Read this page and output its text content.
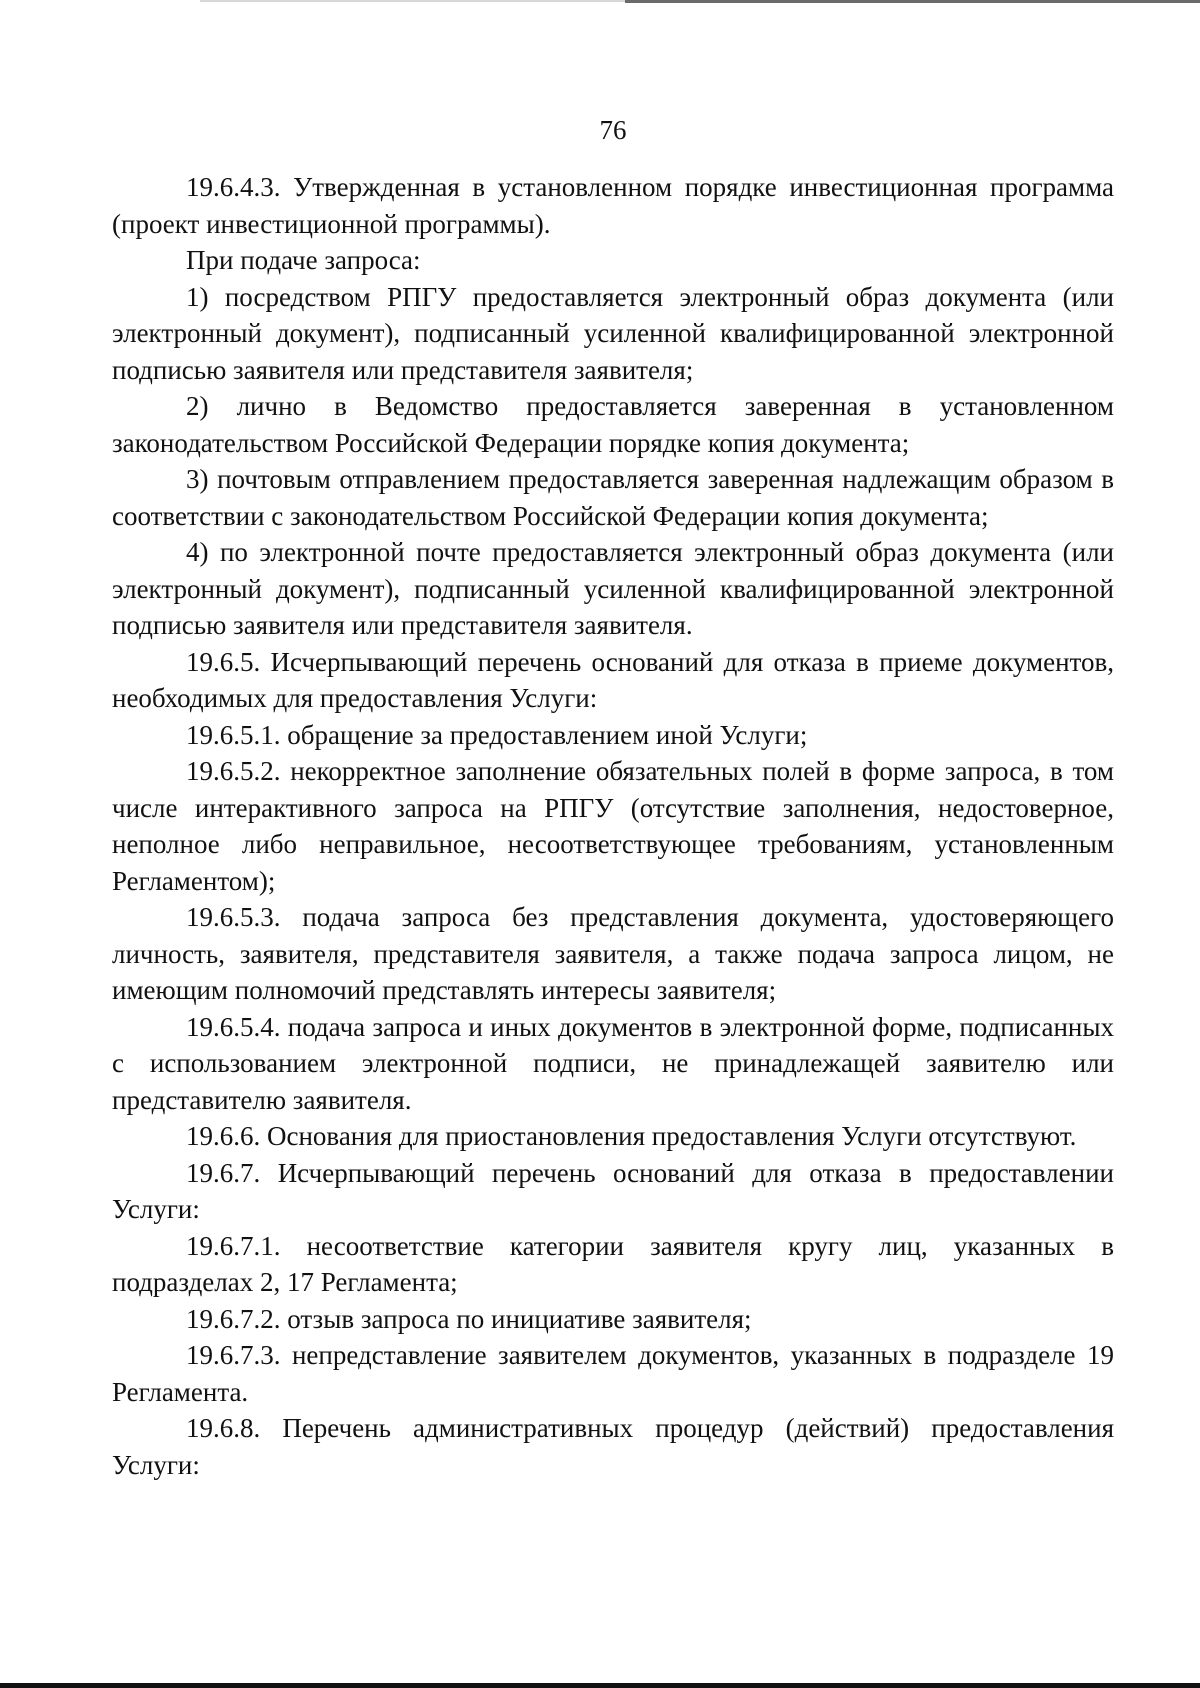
76

19.6.4.3. Утвержденная в установленном порядке инвестиционная программа (проект инвестиционной программы).

При подаче запроса:

1) посредством РПГУ предоставляется электронный образ документа (или электронный документ), подписанный усиленной квалифицированной электронной подписью заявителя или представителя заявителя;

2) лично в Ведомство предоставляется заверенная в установленном законодательством Российской Федерации порядке копия документа;

3) почтовым отправлением предоставляется заверенная надлежащим образом в соответствии с законодательством Российской Федерации копия документа;

4) по электронной почте предоставляется электронный образ документа (или электронный документ), подписанный усиленной квалифицированной электронной подписью заявителя или представителя заявителя.

19.6.5. Исчерпывающий перечень оснований для отказа в приеме документов, необходимых для предоставления Услуги:

19.6.5.1. обращение за предоставлением иной Услуги;

19.6.5.2. некорректное заполнение обязательных полей в форме запроса, в том числе интерактивного запроса на РПГУ (отсутствие заполнения, недостоверное, неполное либо неправильное, несоответствующее требованиям, установленным Регламентом);

19.6.5.3. подача запроса без представления документа, удостоверяющего личность, заявителя, представителя заявителя, а также подача запроса лицом, не имеющим полномочий представлять интересы заявителя;

19.6.5.4. подача запроса и иных документов в электронной форме, подписанных с использованием электронной подписи, не принадлежащей заявителю или представителю заявителя.

19.6.6. Основания для приостановления предоставления Услуги отсутствуют.

19.6.7. Исчерпывающий перечень оснований для отказа в предоставлении Услуги:

19.6.7.1. несоответствие категории заявителя кругу лиц, указанных в подразделах 2, 17 Регламента;

19.6.7.2. отзыв запроса по инициативе заявителя;

19.6.7.3. непредставление заявителем документов, указанных в подразделе 19 Регламента.

19.6.8. Перечень административных процедур (действий) предоставления Услуги:
